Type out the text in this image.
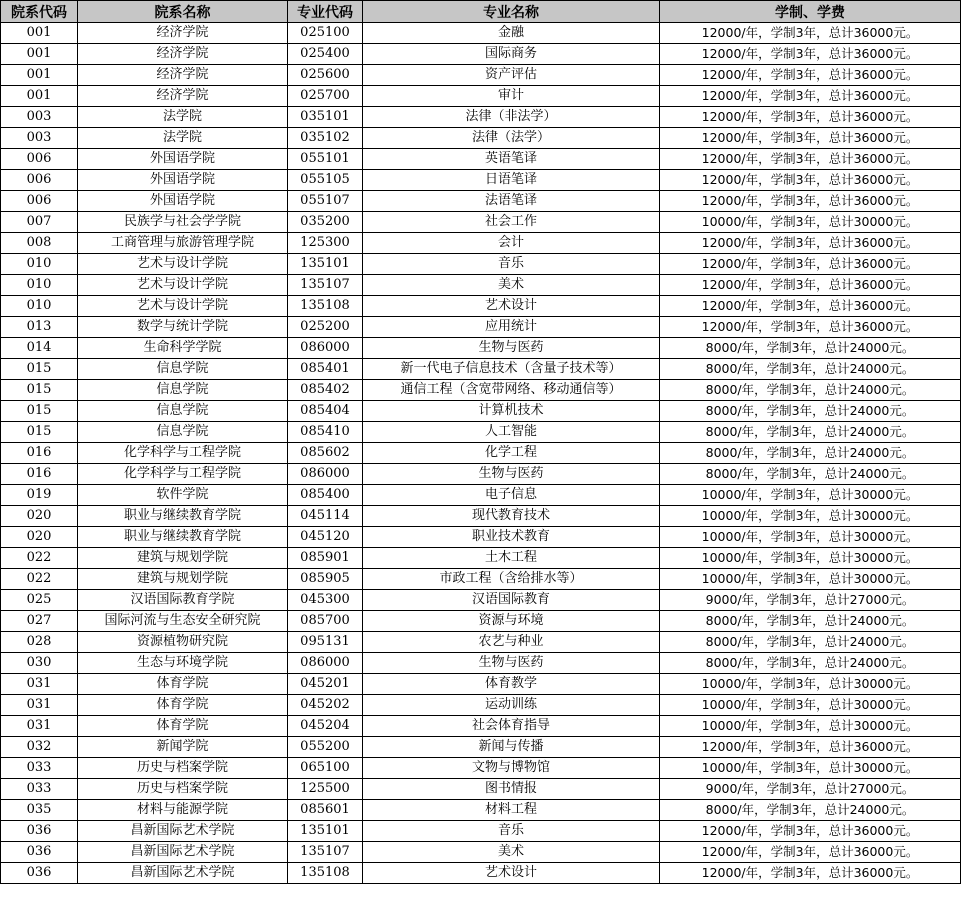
院系代码	院系名称	专业代码	专业名称	学制、学费
001	经济学院	025100	金融	12000/年，学制3年，总计36000元。
001	经济学院	025400	国际商务	12000/年，学制3年，总计36000元。
001	经济学院	025600	资产评估	12000/年，学制3年，总计36000元。
001	经济学院	025700	审计	12000/年，学制3年，总计36000元。
003	法学院	035101	法律（非法学）	12000/年，学制3年，总计36000元。
003	法学院	035102	法律（法学）	12000/年，学制3年，总计36000元。
006	外国语学院	055101	英语笔译	12000/年，学制3年，总计36000元。
006	外国语学院	055105	日语笔译	12000/年，学制3年，总计36000元。
006	外国语学院	055107	法语笔译	12000/年，学制3年，总计36000元。
007	民族学与社会学学院	035200	社会工作	10000/年，学制3年，总计30000元。
008	工商管理与旅游管理学院	125300	会计	12000/年，学制3年，总计36000元。
010	艺术与设计学院	135101	音乐	12000/年，学制3年，总计36000元。
010	艺术与设计学院	135107	美术	12000/年，学制3年，总计36000元。
010	艺术与设计学院	135108	艺术设计	12000/年，学制3年，总计36000元。
013	数学与统计学院	025200	应用统计	12000/年，学制3年，总计36000元。
014	生命科学学院	086000	生物与医药	8000/年，学制3年，总计24000元。
015	信息学院	085401	新一代电子信息技术（含量子技术等）	8000/年，学制3年，总计24000元。
015	信息学院	085402	通信工程（含宽带网络、移动通信等）	8000/年，学制3年，总计24000元。
015	信息学院	085404	计算机技术	8000/年，学制3年，总计24000元。
015	信息学院	085410	人工智能	8000/年，学制3年，总计24000元。
016	化学科学与工程学院	085602	化学工程	8000/年，学制3年，总计24000元。
016	化学科学与工程学院	086000	生物与医药	8000/年，学制3年，总计24000元。
019	软件学院	085400	电子信息	10000/年，学制3年，总计30000元。
020	职业与继续教育学院	045114	现代教育技术	10000/年，学制3年，总计30000元。
020	职业与继续教育学院	045120	职业技术教育	10000/年，学制3年，总计30000元。
022	建筑与规划学院	085901	土木工程	10000/年，学制3年，总计30000元。
022	建筑与规划学院	085905	市政工程（含给排水等）	10000/年，学制3年，总计30000元。
025	汉语国际教育学院	045300	汉语国际教育	9000/年，学制3年，总计27000元。
027	国际河流与生态安全研究院	085700	资源与环境	8000/年，学制3年，总计24000元。
028	资源植物研究院	095131	农艺与种业	8000/年，学制3年，总计24000元。
030	生态与环境学院	086000	生物与医药	8000/年，学制3年，总计24000元。
031	体育学院	045201	体育教学	10000/年，学制3年，总计30000元。
031	体育学院	045202	运动训练	10000/年，学制3年，总计30000元。
031	体育学院	045204	社会体育指导	10000/年，学制3年，总计30000元。
032	新闻学院	055200	新闻与传播	12000/年，学制3年，总计36000元。
033	历史与档案学院	065100	文物与博物馆	10000/年，学制3年，总计30000元。
033	历史与档案学院	125500	图书情报	9000/年，学制3年，总计27000元。
035	材料与能源学院	085601	材料工程	8000/年，学制3年，总计24000元。
036	昌新国际艺术学院	135101	音乐	12000/年，学制3年，总计36000元。
036	昌新国际艺术学院	135107	美术	12000/年，学制3年，总计36000元。
036	昌新国际艺术学院	135108	艺术设计	12000/年，学制3年，总计36000元。
